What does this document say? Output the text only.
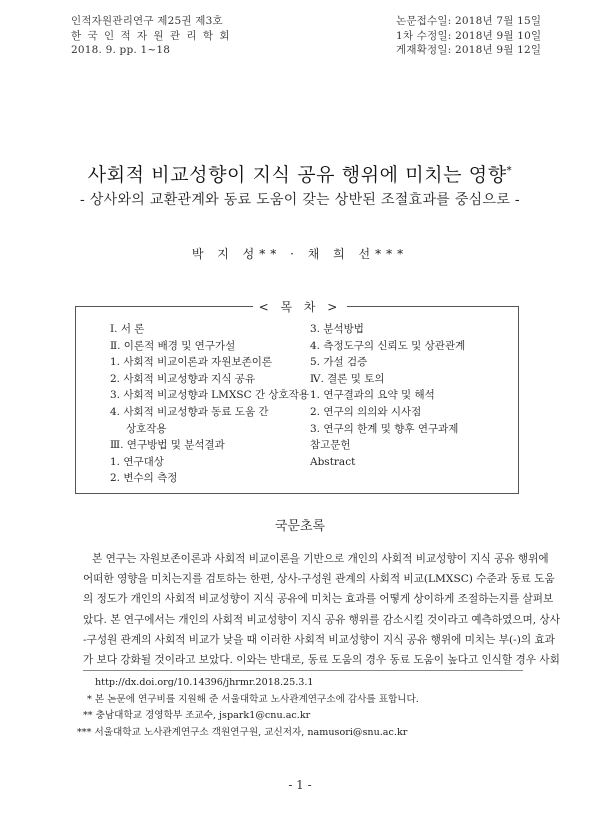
인적자원관리연구 제25권 제3호
한 국 인 적 자 원 관 리 학 회
2018. 9. pp. 1~18
논문접수일: 2018년 7월 15일
1차 수정일: 2018년 9월 10일
게재확정일: 2018년 9월 12일
사회적 비교성향이 지식 공유 행위에 미치는 영향*
- 상사와의 교환관계와 동료 도움이 갖는 상반된 조절효과를 중심으로 -
박 지 성** · 채 희 선***
< 목 차 >
Ⅰ. 서 론
Ⅱ. 이론적 배경 및 연구가설
1. 사회적 비교이론과 자원보존이론
2. 사회적 비교성향과 지식 공유
3. 사회적 비교성향과 LMXSC 간 상호작용
4. 사회적 비교성향과 동료 도움 간
상호작용
Ⅲ. 연구방법 및 분석결과
1. 연구대상
2. 변수의 측정
3. 분석방법
4. 측정도구의 신뢰도 및 상관관계
5. 가설 검증
Ⅳ. 결론 및 토의
1. 연구결과의 요약 및 해석
2. 연구의 의의와 시사점
3. 연구의 한계 및 향후 연구과제
참고문헌
Abstract
국문초록
본 연구는 자원보존이론과 사회적 비교이론을 기반으로 개인의 사회적 비교성향이 지식 공유 행위에
어떠한 영향을 미치는지를 검토하는 한편, 상사-구성원 관계의 사회적 비교(LMXSC) 수준과 동료 도움
의 정도가 개인의 사회적 비교성향이 지식 공유에 미치는 효과를 어떻게 상이하게 조절하는지를 살펴보
았다. 본 연구에서는 개인의 사회적 비교성향이 지식 공유 행위를 감소시킬 것이라고 예측하였으며, 상사
-구성원 관계의 사회적 비교가 낮을 때 이러한 사회적 비교성향이 지식 공유 행위에 미치는 부(-)의 효과
가 보다 강화될 것이라고 보았다. 이와는 반대로, 동료 도움의 경우 동료 도움이 높다고 인식할 경우 사회
http://dx.doi.org/10.14396/jhrmr.2018.25.3.1
* 본 논문에 연구비를 지원해 준 서울대학교 노사관계연구소에 감사를 표합니다.
** 충남대학교 경영학부 조교수, jspark1@cnu.ac.kr
*** 서울대학교 노사관계연구소 객원연구원, 교신저자, namusori@snu.ac.kr
- 1 -
